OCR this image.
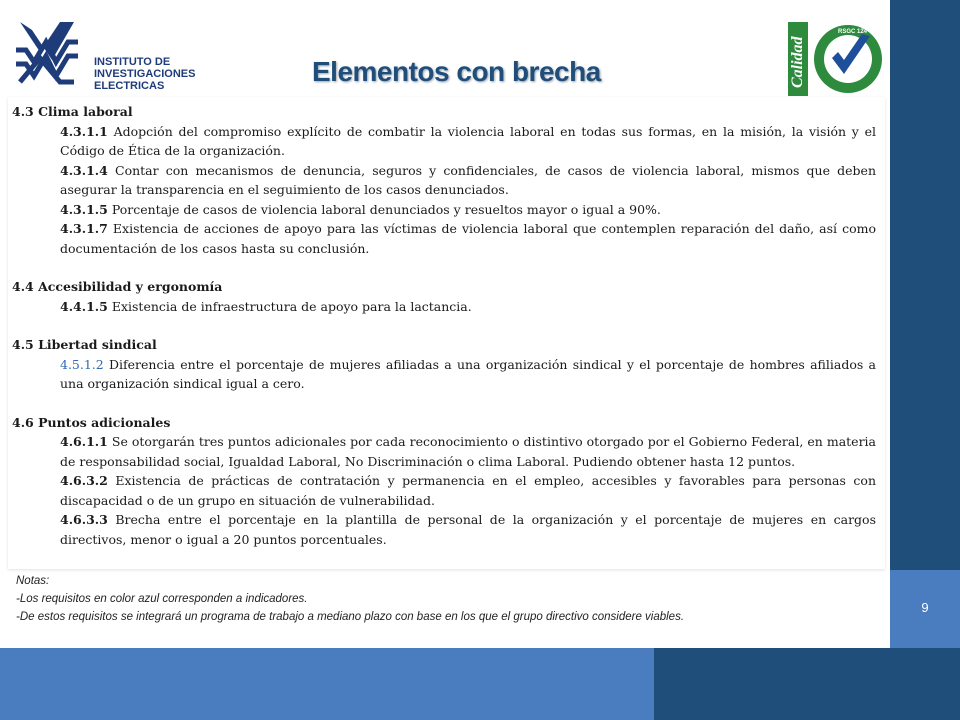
9
INSTITUTO DE
INVESTIGACIONES
ELECTRICAS	Calidad
RSGC 124
Elementos con brecha
4.3 Clima laboral
4.3.1.1 Adopción del compromiso explícito de combatir la violencia laboral en todas sus formas, en la misión, la visión y el Código de Ética de la organización.
4.3.1.4 Contar con mecanismos de denuncia, seguros y confidenciales, de casos de violencia laboral, mismos que deben asegurar la transparencia en el seguimiento de los casos denunciados.
4.3.1.5 Porcentaje de casos de violencia laboral denunciados y resueltos mayor o igual a 90%.
4.3.1.7 Existencia de acciones de apoyo para las víctimas de violencia laboral que contemplen reparación del daño, así como documentación de los casos hasta su conclusión.
4.4 Accesibilidad y ergonomía
4.4.1.5 Existencia de infraestructura de apoyo para la lactancia.
4.5 Libertad sindical
4.5.1.2 Diferencia entre el porcentaje de mujeres afiliadas a una organización sindical y el porcentaje de hombres afiliados a una organización sindical igual a cero.
4.6 Puntos adicionales
4.6.1.1 Se otorgarán tres puntos adicionales por cada reconocimiento o distintivo otorgado por el Gobierno Federal, en materia de responsabilidad social, Igualdad Laboral, No Discriminación o clima Laboral. Pudiendo obtener hasta 12 puntos.
4.6.3.2 Existencia de prácticas de contratación y permanencia en el empleo, accesibles y favorables para personas con discapacidad o de un grupo en situación de vulnerabilidad.
4.6.3.3 Brecha entre el porcentaje en la plantilla de personal de la organización y el porcentaje de mujeres en cargos directivos, menor o igual a 20 puntos porcentuales.
Notas:
-Los requisitos en color azul corresponden a indicadores.
-De estos requisitos se integrará un programa de trabajo a mediano plazo con base en los que el grupo directivo considere viables.
